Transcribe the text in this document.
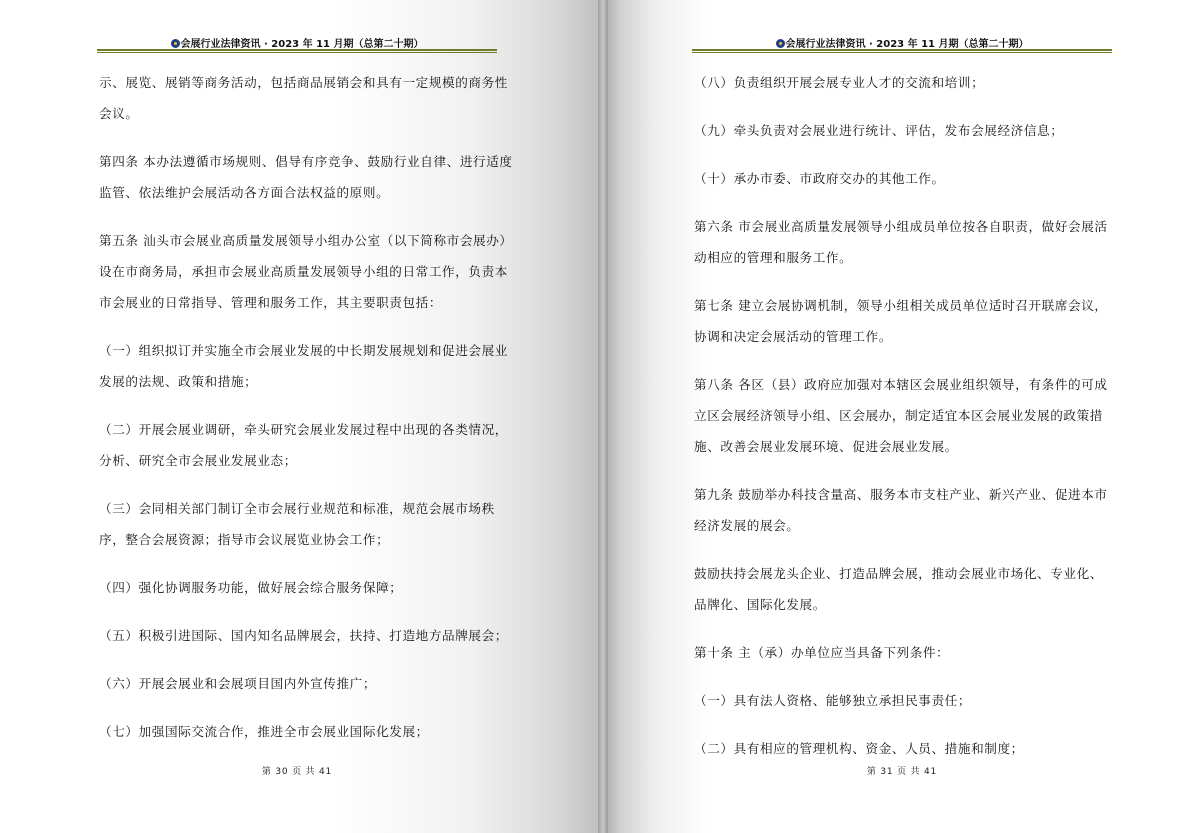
会展行业法律资讯 · 2023 年 11 月期（总第二十期）

示、展览、展销等商务活动，包括商品展销会和具有一定规模的商务性会议。

第四条 本办法遵循市场规则、倡导有序竞争、鼓励行业自律、进行适度监管、依法维护会展活动各方面合法权益的原则。

第五条 汕头市会展业高质量发展领导小组办公室（以下简称市会展办）设在市商务局，承担市会展业高质量发展领导小组的日常工作，负责本市会展业的日常指导、管理和服务工作，其主要职责包括：

（一）组织拟订并实施全市会展业发展的中长期发展规划和促进会展业发展的法规、政策和措施；

（二）开展会展业调研，牵头研究会展业发展过程中出现的各类情况，分析、研究全市会展业发展业态；

（三）会同相关部门制订全市会展行业规范和标准，规范会展市场秩序，整合会展资源；指导市会议展览业协会工作；

（四）强化协调服务功能，做好展会综合服务保障；

（五）积极引进国际、国内知名品牌展会，扶持、打造地方品牌展会；

（六）开展会展业和会展项目国内外宣传推广；

（七）加强国际交流合作，推进全市会展业国际化发展；

第 30 页 共 41
会展行业法律资讯 · 2023 年 11 月期（总第二十期）

（八）负责组织开展会展专业人才的交流和培训；

（九）牵头负责对会展业进行统计、评估，发布会展经济信息；

（十）承办市委、市政府交办的其他工作。

第六条 市会展业高质量发展领导小组成员单位按各自职责，做好会展活动相应的管理和服务工作。

第七条 建立会展协调机制，领导小组相关成员单位适时召开联席会议，协调和决定会展活动的管理工作。

第八条 各区（县）政府应加强对本辖区会展业组织领导，有条件的可成立区会展经济领导小组、区会展办，制定适宜本区会展业发展的政策措施、改善会展业发展环境、促进会展业发展。

第九条 鼓励举办科技含量高、服务本市支柱产业、新兴产业、促进本市经济发展的展会。

鼓励扶持会展龙头企业、打造品牌会展，推动会展业市场化、专业化、品牌化、国际化发展。

第十条 主（承）办单位应当具备下列条件：

（一）具有法人资格、能够独立承担民事责任；

（二）具有相应的管理机构、资金、人员、措施和制度；

第 31 页 共 41
